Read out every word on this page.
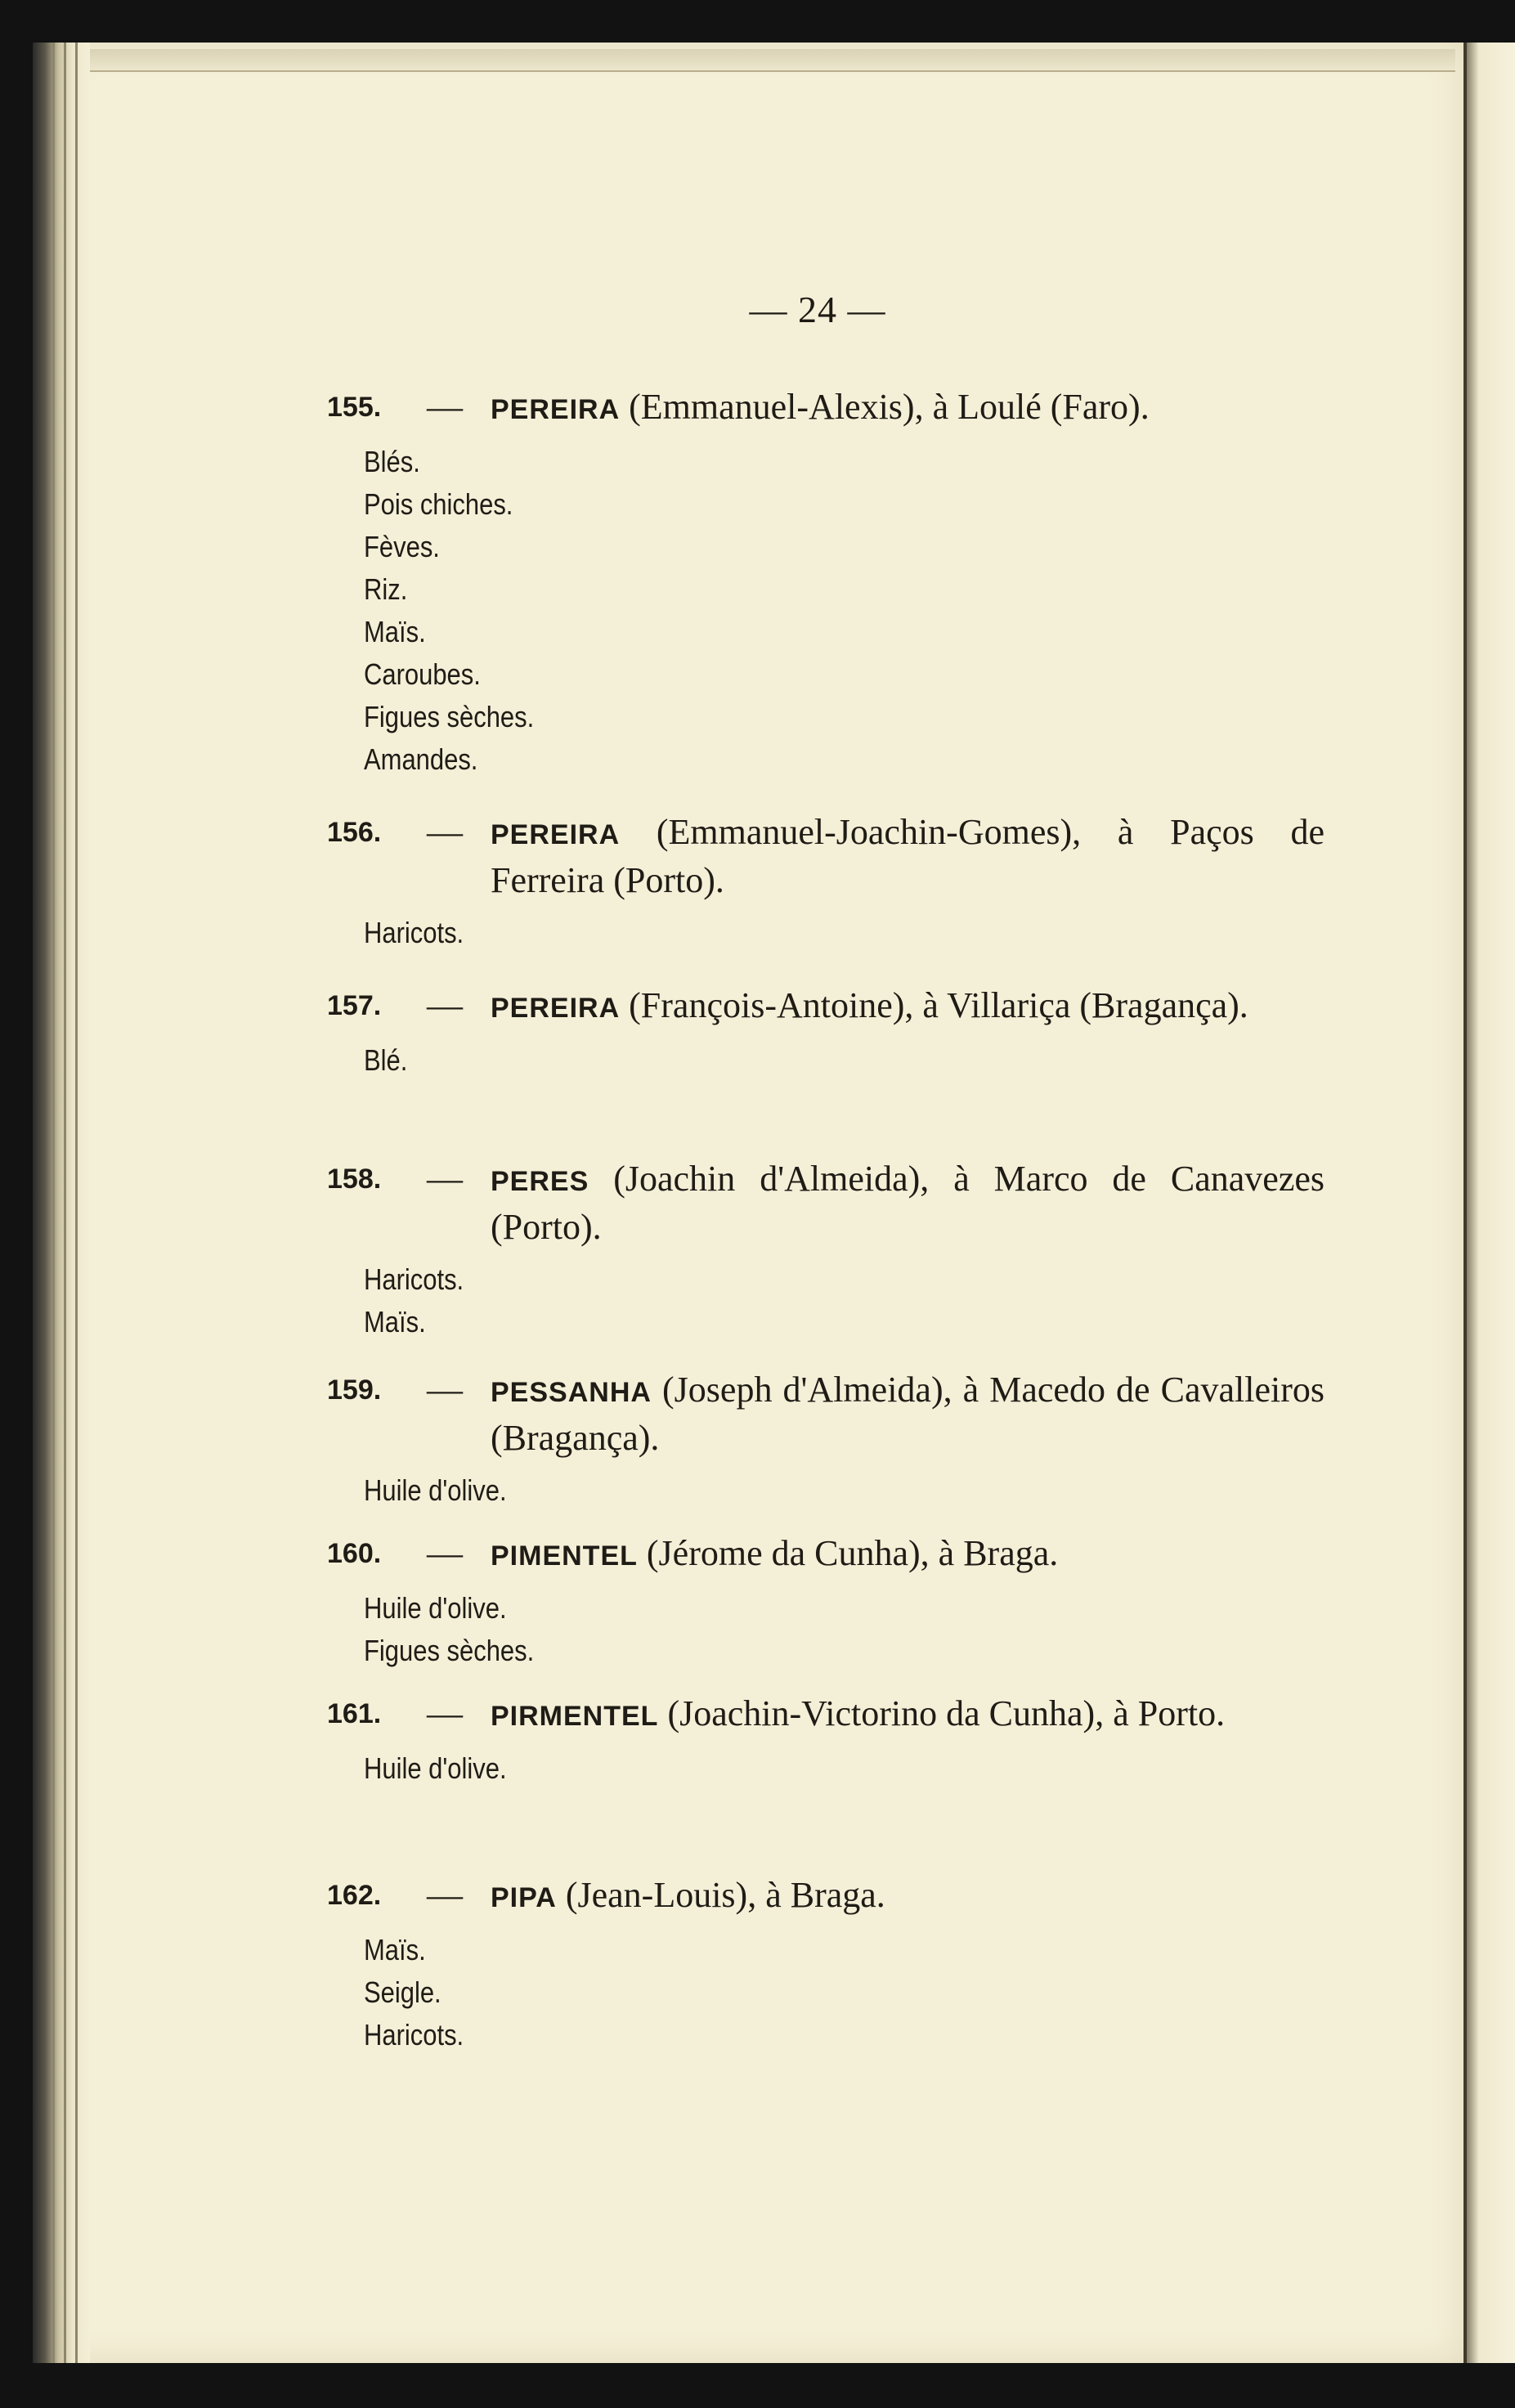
— 24 —
155. — PEREIRA (Emmanuel-Alexis), à Loulé (Faro).
Blés.
Pois chiches.
Fèves.
Riz.
Maïs.
Caroubes.
Figues sèches.
Amandes.
156. — PEREIRA (Emmanuel-Joachin-Gomes), à Paços de Ferreira (Porto).
Haricots.
157. — PEREIRA (François-Antoine), à Villariça (Bragança).
Blé.
158. — PERES (Joachin d'Almeida), à Marco de Canavezes (Porto).
Haricots.
Maïs.
159. — PESSANHA (Joseph d'Almeida), à Macedo de Cavalleiros (Bragança).
Huile d'olive.
160. — PIMENTEL (Jérome da Cunha), à Braga.
Huile d'olive.
Figues sèches.
161. — PIRMENTEL (Joachin-Victorino da Cunha), à Porto.
Huile d'olive.
162. — PIPA (Jean-Louis), à Braga.
Maïs.
Seigle.
Haricots.
